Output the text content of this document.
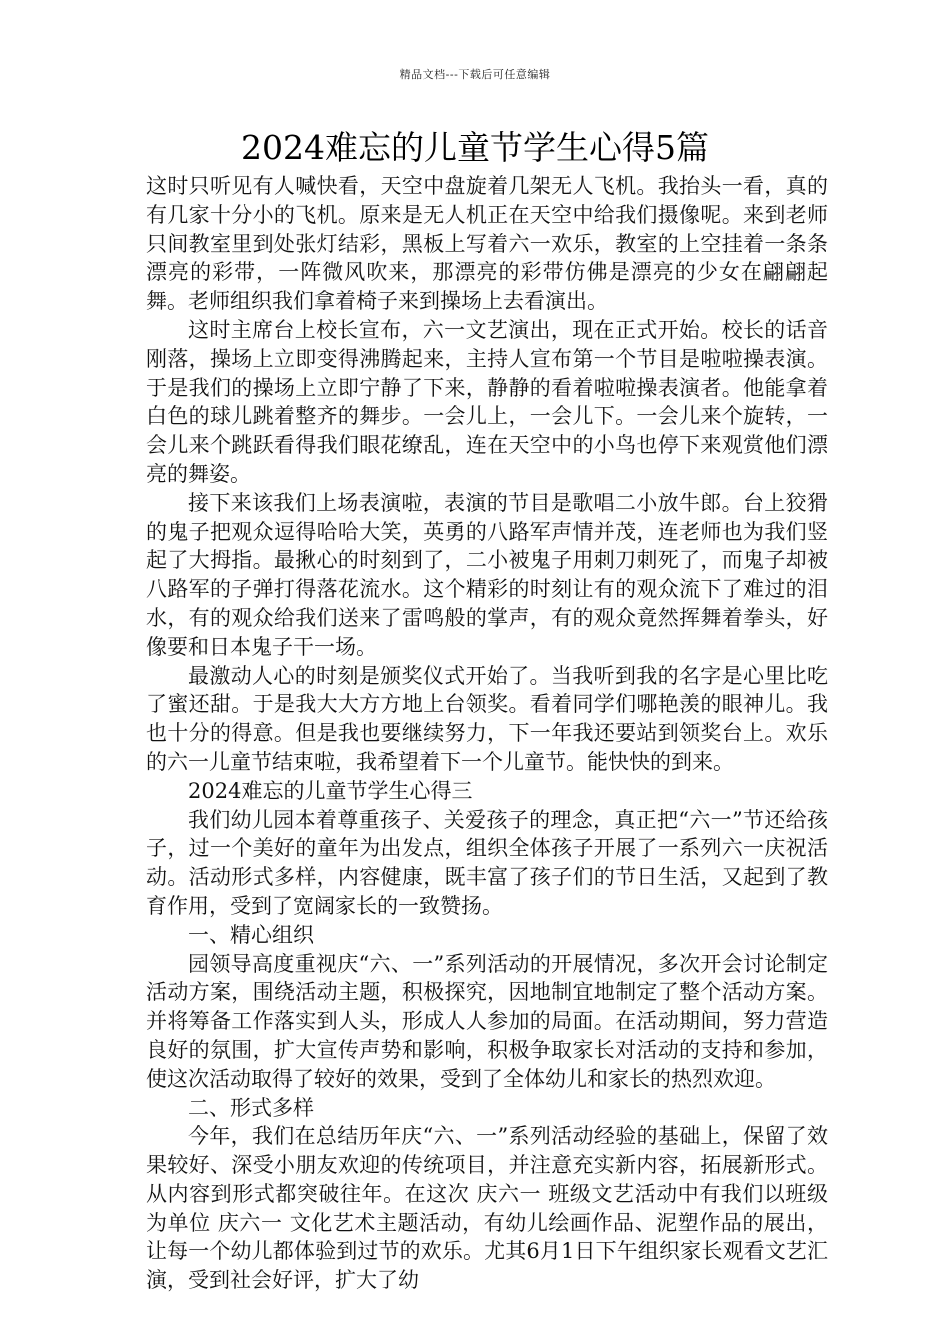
精品文档---下载后可任意编辑
2024难忘的儿童节学生心得5篇

这时只听见有人喊快看，天空中盘旋着几架无人飞机。我抬头一看，真的有几家十分小的飞机。原来是无人机正在天空中给我们摄像呢。来到老师只间教室里到处张灯结彩，黑板上写着六一欢乐，教室的上空挂着一条条漂亮的彩带，一阵微风吹来，那漂亮的彩带仿佛是漂亮的少女在翩翩起舞。老师组织我们拿着椅子来到操场上去看演出。

这时主席台上校长宣布，六一文艺演出，现在正式开始。校长的话音刚落，操场上立即变得沸腾起来，主持人宣布第一个节目是啦啦操表演。于是我们的操场上立即宁静了下来，静静的看着啦啦操表演者。他能拿着白色的球儿跳着整齐的舞步。一会儿上，一会儿下。一会儿来个旋转，一会儿来个跳跃看得我们眼花缭乱，连在天空中的小鸟也停下来观赏他们漂亮的舞姿。

接下来该我们上场表演啦，表演的节目是歌唱二小放牛郎。台上狡猾的鬼子把观众逗得哈哈大笑，英勇的八路军声情并茂，连老师也为我们竖起了大拇指。最揪心的时刻到了，二小被鬼子用刺刀刺死了，而鬼子却被八路军的子弹打得落花流水。这个精彩的时刻让有的观众流下了难过的泪水，有的观众给我们送来了雷鸣般的掌声，有的观众竟然挥舞着拳头，好像要和日本鬼子干一场。

最激动人心的时刻是颁奖仪式开始了。当我听到我的名字是心里比吃了蜜还甜。于是我大大方方地上台领奖。看着同学们哪艳羡的眼神儿。我也十分的得意。但是我也要继续努力，下一年我还要站到领奖台上。欢乐的六一儿童节结束啦，我希望着下一个儿童节。能快快的到来。

2024难忘的儿童节学生心得三

我们幼儿园本着尊重孩子、关爱孩子的理念，真正把“六一”节还给孩子，过一个美好的童年为出发点，组织全体孩子开展了一系列六一庆祝活动。活动形式多样，内容健康，既丰富了孩子们的节日生活，又起到了教育作用，受到了宽阔家长的一致赞扬。

一、精心组织

园领导高度重视庆“六、一”系列活动的开展情况，多次开会讨论制定活动方案，围绕活动主题，积极探究，因地制宜地制定了整个活动方案。并将筹备工作落实到人头，形成人人参加的局面。在活动期间，努力营造良好的氛围，扩大宣传声势和影响，积极争取家长对活动的支持和参加，使这次活动取得了较好的效果，受到了全体幼儿和家长的热烈欢迎。

二、形式多样

今年，我们在总结历年庆“六、一”系列活动经验的基础上，保留了效果较好、深受小朋友欢迎的传统项目，并注意充实新内容，拓展新形式。从内容到形式都突破往年。在这次 庆六一 班级文艺活动中有我们以班级为单位 庆六一 文化艺术主题活动，有幼儿绘画作品、泥塑作品的展出，让每一个幼儿都体验到过节的欢乐。尤其6月1日下午组织家长观看文艺汇演，受到社会好评，扩大了幼
